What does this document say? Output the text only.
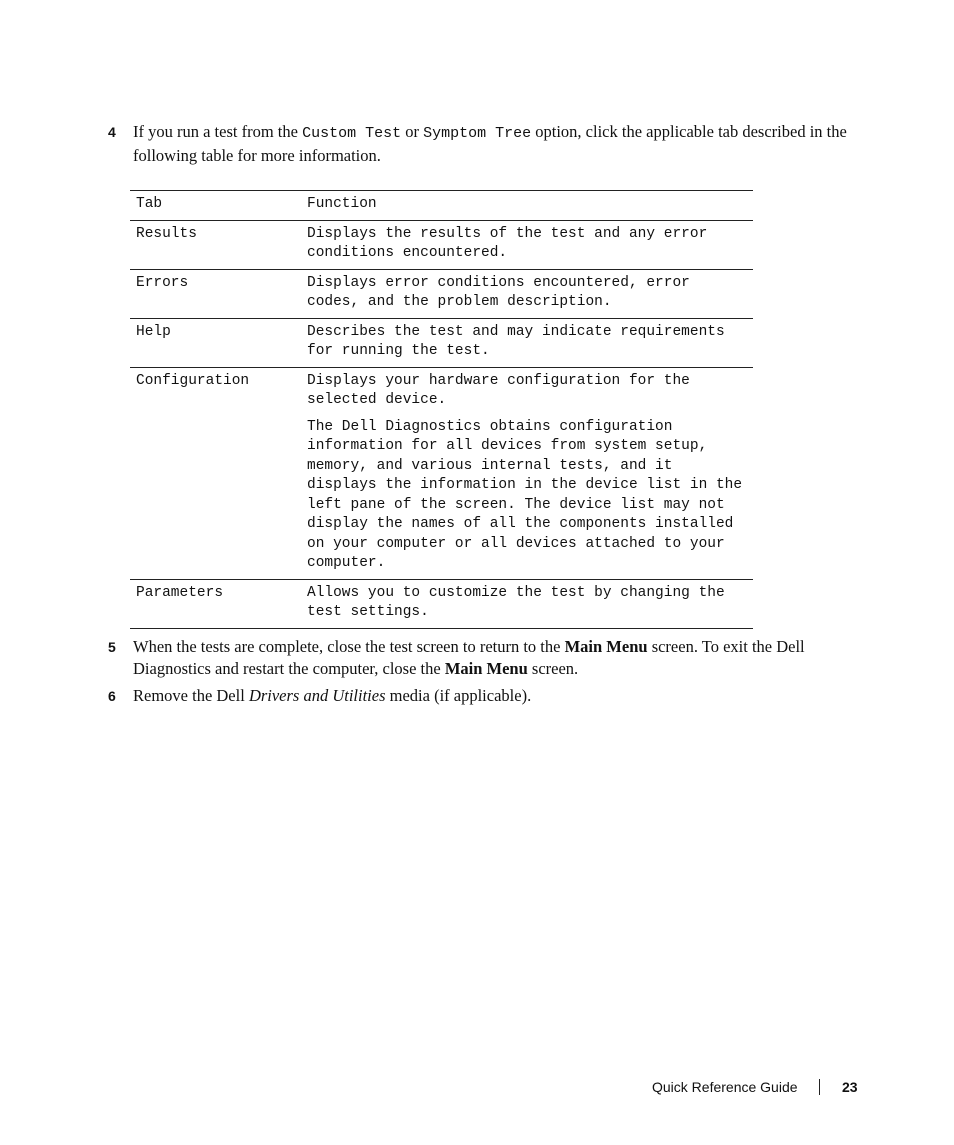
4 If you run a test from the Custom Test or Symptom Tree option, click the applicable tab described in the following table for more information.
Tab	Function
Results	Displays the results of the test and any error conditions encountered.

Errors	Displays error conditions encountered, error codes, and the problem description.

Help	Describes the test and may indicate requirements for running the test.

Configuration	Displays your hardware configuration for the selected device.

The Dell Diagnostics obtains configuration information for all devices from system setup, memory, and various internal tests, and it displays the information in the device list in the left pane of the screen. The device list may not display the names of all the components installed on your computer or all devices attached to your computer.

Parameters	Allows you to customize the test by changing the test settings.

5 When the tests are complete, close the test screen to return to the Main Menu screen. To exit the Dell Diagnostics and restart the computer, close the Main Menu screen.
6 Remove the Dell Drivers and Utilities media (if applicable).
Quick Reference Guide	23
